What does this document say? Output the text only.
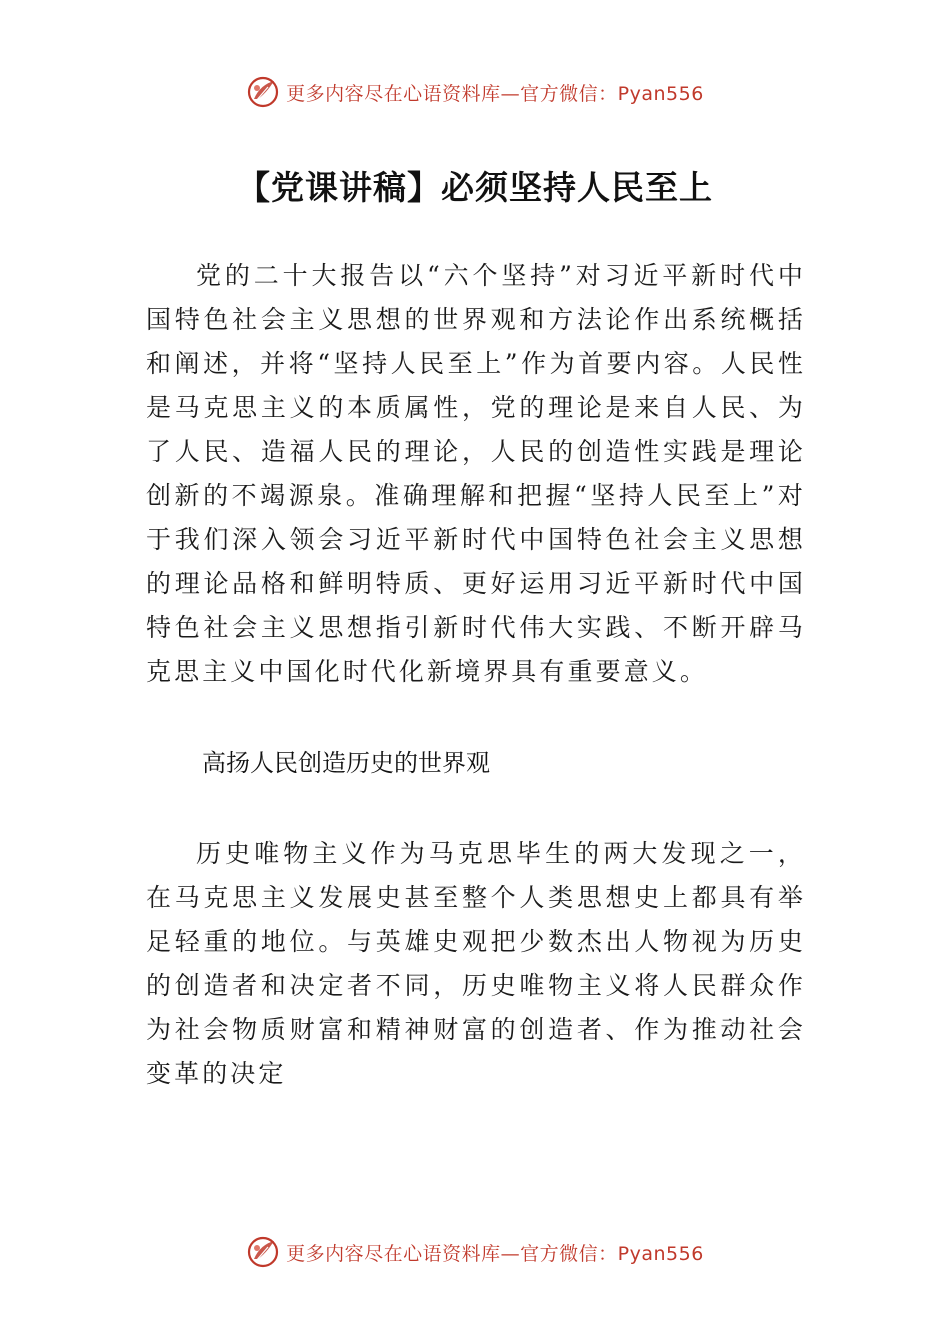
更多内容尽在心语资料库—官方微信：Pyan556
【党课讲稿】必须坚持人民至上

党的二十大报告以“六个坚持”对习近平新时代中国特色社会主义思想的世界观和方法论作出系统概括和阐述，并将“坚持人民至上”作为首要内容。人民性是马克思主义的本质属性，党的理论是来自人民、为了人民、造福人民的理论，人民的创造性实践是理论创新的不竭源泉。准确理解和把握“坚持人民至上”对于我们深入领会习近平新时代中国特色社会主义思想的理论品格和鲜明特质、更好运用习近平新时代中国特色社会主义思想指引新时代伟大实践、不断开辟马克思主义中国化时代化新境界具有重要意义。

高扬人民创造历史的世界观

历史唯物主义作为马克思毕生的两大发现之一，在马克思主义发展史甚至整个人类思想史上都具有举足轻重的地位。与英雄史观把少数杰出人物视为历史的创造者和决定者不同，历史唯物主义将人民群众作为社会物质财富和精神财富的创造者、作为推动社会变革的决定

更多内容尽在心语资料库—官方微信：Pyan556
